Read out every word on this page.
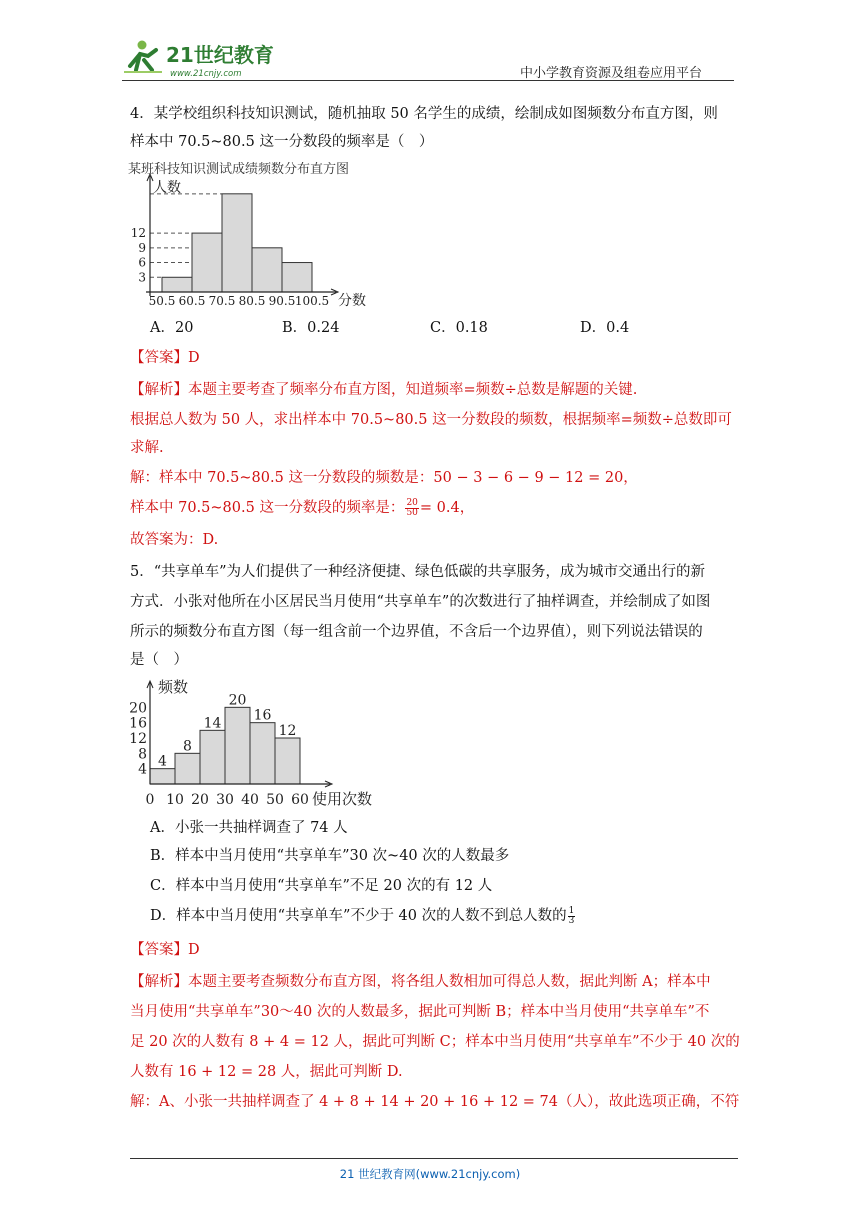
21世纪教育
www.21cnjy.com	中小学教育资源及组卷应用平台
4．某学校组织科技知识测试，随机抽取 50 名学生的成绩，绘制成如图频数分布直方图，则
样本中 70.5~80.5 这一分数段的频率是（　）
某班科技知识测试成绩频数分布直方图
人数
分数
3
6
9
12
50.5 60.5 70.5 80.5 90.5 100.5
A．20	B．0.24	C．0.18	D．0.4
【答案】D
【解析】本题主要考查了频率分布直方图，知道频率=频数÷总数是解题的关键.
根据总人数为 50 人，求出样本中 70.5~80.5 这一分数段的频数，根据频率=频数÷总数即可
求解.
解：样本中 70.5~80.5 这一分数段的频数是：50 − 3 − 6 − 9 − 12 = 20，
样本中 70.5~80.5 这一分数段的频率是： $\frac{20}{50} = 0.4$，
故答案为：D.
5．“共享单车”为人们提供了一种经济便捷、绿色低碳的共享服务，成为城市交通出行的新
方式．小张对他所在小区居民当月使用“共享单车”的次数进行了抽样调查，并绘制成了如图
所示的频数分布直方图（每一组含前一个边界值，不含后一个边界值），则下列说法错误的
是（　）
频数
使用次数
4
8
12
16
20
0 10 20 30 40 50 60
4
8
14
20
16
12
A．小张一共抽样调查了 74 人
B．样本中当月使用“共享单车”30 次~40 次的人数最多
C．样本中当月使用“共享单车”不足 20 次的有 12 人
D．样本中当月使用“共享单车”不少于 40 次的人数不到总人数的 $\frac{1}{3}$
【答案】D
【解析】本题主要考查频数分布直方图，将各组人数相加可得总人数，据此判断 A；样本中
当月使用“共享单车”30～40 次的人数最多，据此可判断 B；样本中当月使用“共享单车”不
足 20 次的人数有 8 + 4 = 12 人，据此可判断 C；样本中当月使用“共享单车”不少于 40 次的
人数有 16 + 12 = 28 人，据此可判断 D.
解：A、小张一共抽样调查了 4 + 8 + 14 + 20 + 16 + 12 = 74（人），故此选项正确，不符
21 世纪教育网(www.21cnjy.com)
